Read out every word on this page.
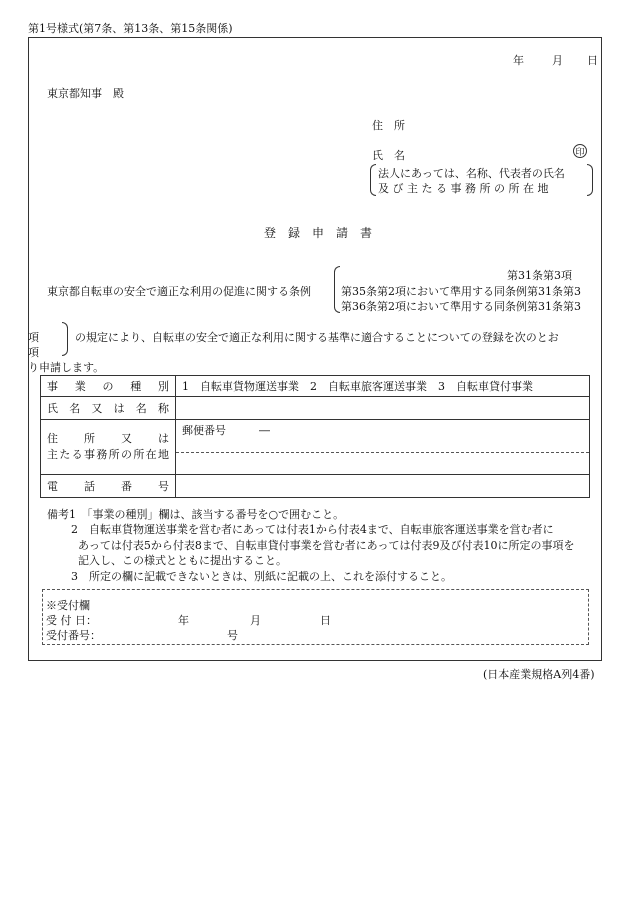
第1号様式(第7条、第13条、第15条関係)
年	月 日
東京都知事　殿
住　所
氏　名	印
法人にあっては、名称、代表者の氏名
及 び 主 た る 事 務 所 の 所 在 地
登　録　申　請　書
東京都自転車の安全で適正な利用の促進に関する条例
第31条第3項
第35条第2項において準用する同条例第31条第3
第36条第2項において準用する同条例第31条第3
項
項
の規定により、自転車の安全で適正な利用に関する基準に適合することについての登録を次のとお
り申請します。
事　業　の　種　別	1　自転車貨物運送事業　2　自転車旅客運送事業　3　自転車貸付事業
氏 名 又 は 名 称	

住　　所　　又　　は
主たる事務所の所在地	郵便番号　　　―

電　　話　　番　　号	
備考1　「事業の種別」欄は、該当する番号を○で囲むこと。
2　自転車貨物運送事業を営む者にあっては付表1から付表4まで、自転車旅客運送事業を営む者に
あっては付表5から付表8まで、自転車貸付事業を営む者にあっては付表9及び付表10に所定の事項を
記入し、この様式とともに提出すること。
3　所定の欄に記載できないときは、別紙に記載の上、これを添付すること。
※受付欄
受 付 日：	年	月	日
受付番号：	号
(日本産業規格A列4番)
